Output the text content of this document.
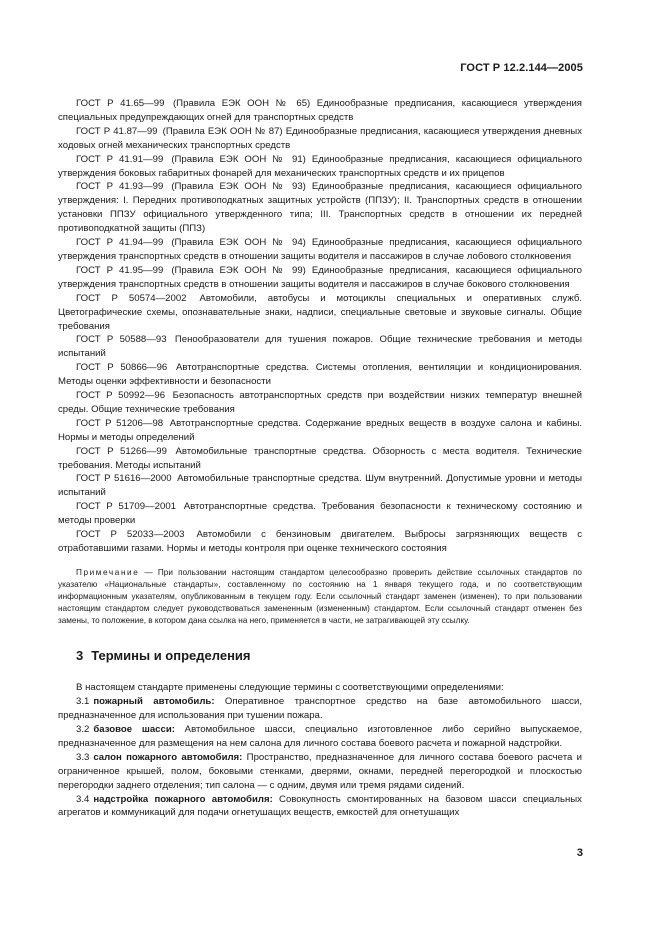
ГОСТ Р 12.2.144—2005

ГОСТ Р 41.65—99 (Правила ЕЭК ООН № 65) Единообразные предписания, касающиеся утверждения специальных предупреждающих огней для транспортных средств

ГОСТ Р 41.87—99 (Правила ЕЭК ООН № 87) Единообразные предписания, касающиеся утверждения дневных ходовых огней механических транспортных средств

ГОСТ Р 41.91—99 (Правила ЕЭК ООН № 91) Единообразные предписания, касающиеся официального утверждения боковых габаритных фонарей для механических транспортных средств и их прицепов

ГОСТ Р 41.93—99 (Правила ЕЭК ООН № 93) Единообразные предписания, касающиеся официального утверждения: I. Передних противоподкатных защитных устройств (ППЗУ); II. Транспортных средств в отношении установки ППЗУ официального утвержденного типа; III. Транспортных средств в отношении их передней противоподкатной защиты (ППЗ)

ГОСТ Р 41.94—99 (Правила ЕЭК ООН № 94) Единообразные предписания, касающиеся официального утверждения транспортных средств в отношении защиты водителя и пассажиров в случае лобового столкновения

ГОСТ Р 41.95—99 (Правила ЕЭК ООН № 99) Единообразные предписания, касающиеся официального утверждения транспортных средств в отношении защиты водителя и пассажиров в случае бокового столкновения

ГОСТ Р 50574—2002 Автомобили, автобусы и мотоциклы специальных и оперативных служб. Цветографические схемы, опознавательные знаки, надписи, специальные световые и звуковые сигналы. Общие требования

ГОСТ Р 50588—93 Пенообразователи для тушения пожаров. Общие технические требования и методы испытаний

ГОСТ Р 50866—96 Автотранспортные средства. Системы отопления, вентиляции и кондиционирования. Методы оценки эффективности и безопасности

ГОСТ Р 50992—96 Безопасность автотранспортных средств при воздействии низких температур внешней среды. Общие технические требования

ГОСТ Р 51206—98 Автотранспортные средства. Содержание вредных веществ в воздухе салона и кабины. Нормы и методы определений

ГОСТ Р 51266—99 Автомобильные транспортные средства. Обзорность с места водителя. Технические требования. Методы испытаний

ГОСТ Р 51616—2000 Автомобильные транспортные средства. Шум внутренний. Допустимые уровни и методы испытаний

ГОСТ Р 51709—2001 Автотранспортные средства. Требования безопасности к техническому состоянию и методы проверки

ГОСТ Р 52033—2003 Автомобили с бензиновым двигателем. Выбросы загрязняющих веществ с отработавшими газами. Нормы и методы контроля при оценке технического состояния

Примечание — При пользовании настоящим стандартом целесообразно проверить действие ссылочных стандартов по указателю «Национальные стандарты», составленному по состоянию на 1 января текущего года, и по соответствующим информационным указателям, опубликованным в текущем году. Если ссылочный стандарт заменен (изменен), то при пользовании настоящим стандартом следует руководствоваться замененным (измененным) стандартом. Если ссылочный стандарт отменен без замены, то положение, в котором дана ссылка на него, применяется в части, не затрагивающей эту ссылку.

3 Термины и определения

В настоящем стандарте применены следующие термины с соответствующими определениями:

3.1 пожарный автомобиль: Оперативное транспортное средство на базе автомобильного шасси, предназначенное для использования при тушении пожара.

3.2 базовое шасси: Автомобильное шасси, специально изготовленное либо серийно выпускаемое, предназначенное для размещения на нем салона для личного состава боевого расчета и пожарной надстройки.

3.3 салон пожарного автомобиля: Пространство, предназначенное для личного состава боевого расчета и ограниченное крышей, полом, боковыми стенками, дверями, окнами, передней перегородкой и плоскостью перегородки заднего отделения; тип салона — с одним, двумя или тремя рядами сидений.

3.4 надстройка пожарного автомобиля: Совокупность смонтированных на базовом шасси специальных агрегатов и коммуникаций для подачи огнетушащих веществ, емкостей для огнетушащих

3
